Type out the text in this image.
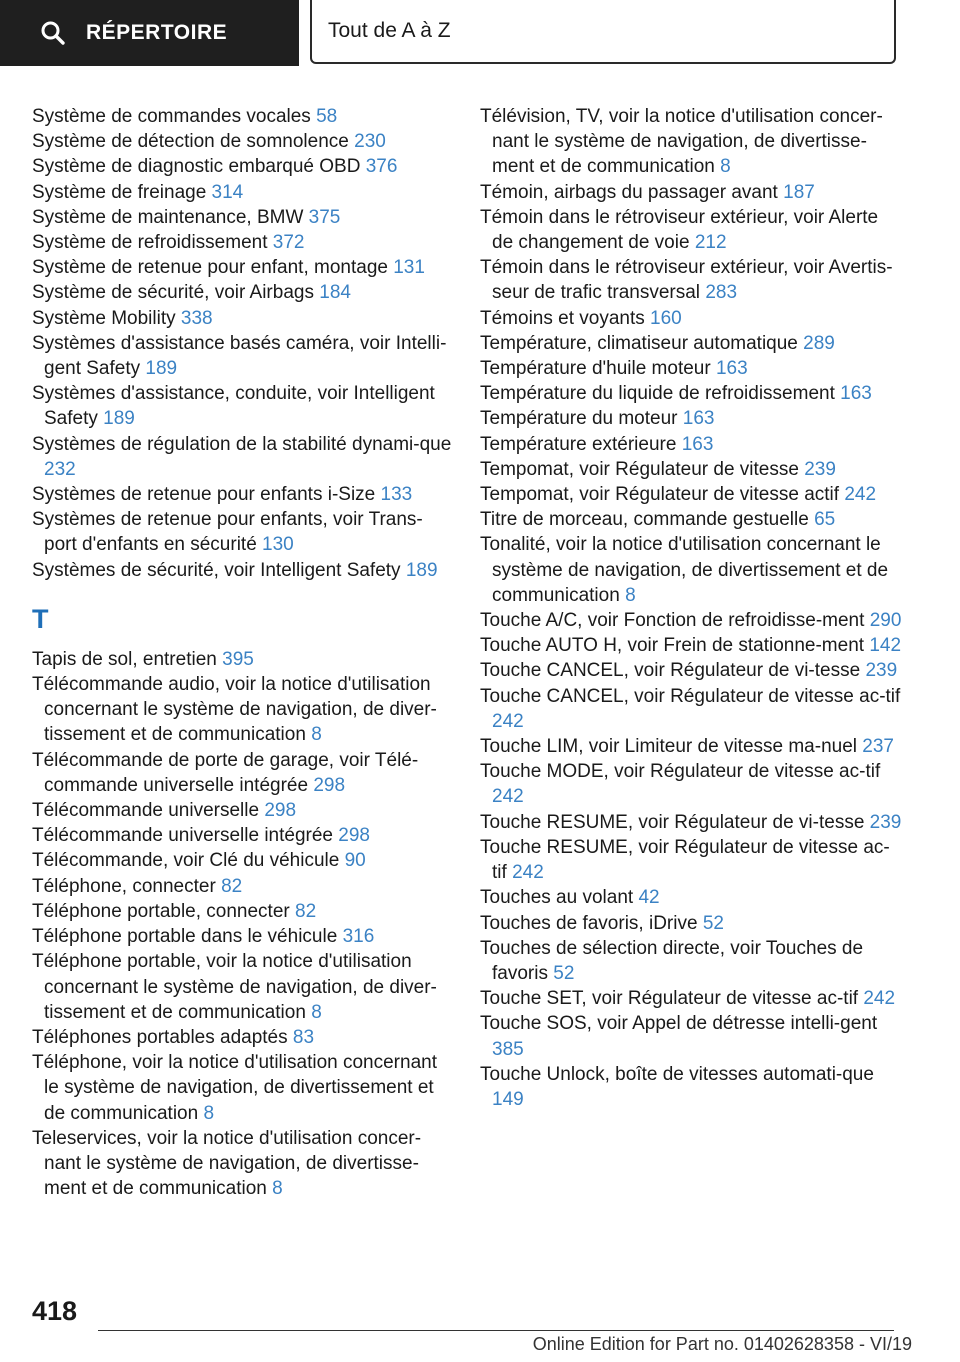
RÉPERTOIRE	Tout de A à Z
Système de commandes vocales 58
Système de détection de somnolence 230
Système de diagnostic embarqué OBD 376
Système de freinage 314
Système de maintenance, BMW 375
Système de refroidissement 372
Système de retenue pour enfant, montage 131
Système de sécurité, voir Airbags 184
Système Mobility 338
Systèmes d'assistance basés caméra, voir Intelli-gent Safety 189
Systèmes d'assistance, conduite, voir Intelligent Safety 189
Systèmes de régulation de la stabilité dynami-que 232
Systèmes de retenue pour enfants i-Size 133
Systèmes de retenue pour enfants, voir Trans-port d'enfants en sécurité 130
Systèmes de sécurité, voir Intelligent Safety 189
T
Tapis de sol, entretien 395
Télécommande audio, voir la notice d'utilisation concernant le système de navigation, de diver-tissement et de communication 8
Télécommande de porte de garage, voir Télé-commande universelle intégrée 298
Télécommande universelle 298
Télécommande universelle intégrée 298
Télécommande, voir Clé du véhicule 90
Téléphone, connecter 82
Téléphone portable, connecter 82
Téléphone portable dans le véhicule 316
Téléphone portable, voir la notice d'utilisation concernant le système de navigation, de diver-tissement et de communication 8
Téléphones portables adaptés 83
Téléphone, voir la notice d'utilisation concernant le système de navigation, de divertissement et de communication 8
Teleservices, voir la notice d'utilisation concer-nant le système de navigation, de divertisse-ment et de communication 8
Télévision, TV, voir la notice d'utilisation concer-nant le système de navigation, de divertisse-ment et de communication 8
Témoin, airbags du passager avant 187
Témoin dans le rétroviseur extérieur, voir Alerte de changement de voie 212
Témoin dans le rétroviseur extérieur, voir Avertis-seur de trafic transversal 283
Témoins et voyants 160
Température, climatiseur automatique 289
Température d'huile moteur 163
Température du liquide de refroidissement 163
Température du moteur 163
Température extérieure 163
Tempomat, voir Régulateur de vitesse 239
Tempomat, voir Régulateur de vitesse actif 242
Titre de morceau, commande gestuelle 65
Tonalité, voir la notice d'utilisation concernant le système de navigation, de divertissement et de communication 8
Touche A/C, voir Fonction de refroidisse-ment 290
Touche AUTO H, voir Frein de stationne-ment 142
Touche CANCEL, voir Régulateur de vi-tesse 239
Touche CANCEL, voir Régulateur de vitesse ac-tif 242
Touche LIM, voir Limiteur de vitesse ma-nuel 237
Touche MODE, voir Régulateur de vitesse ac-tif 242
Touche RESUME, voir Régulateur de vi-tesse 239
Touche RESUME, voir Régulateur de vitesse ac-tif 242
Touches au volant 42
Touches de favoris, iDrive 52
Touches de sélection directe, voir Touches de favoris 52
Touche SET, voir Régulateur de vitesse ac-tif 242
Touche SOS, voir Appel de détresse intelli-gent 385
Touche Unlock, boîte de vitesses automati-que 149
418
Online Edition for Part no. 01402628358 - VI/19
